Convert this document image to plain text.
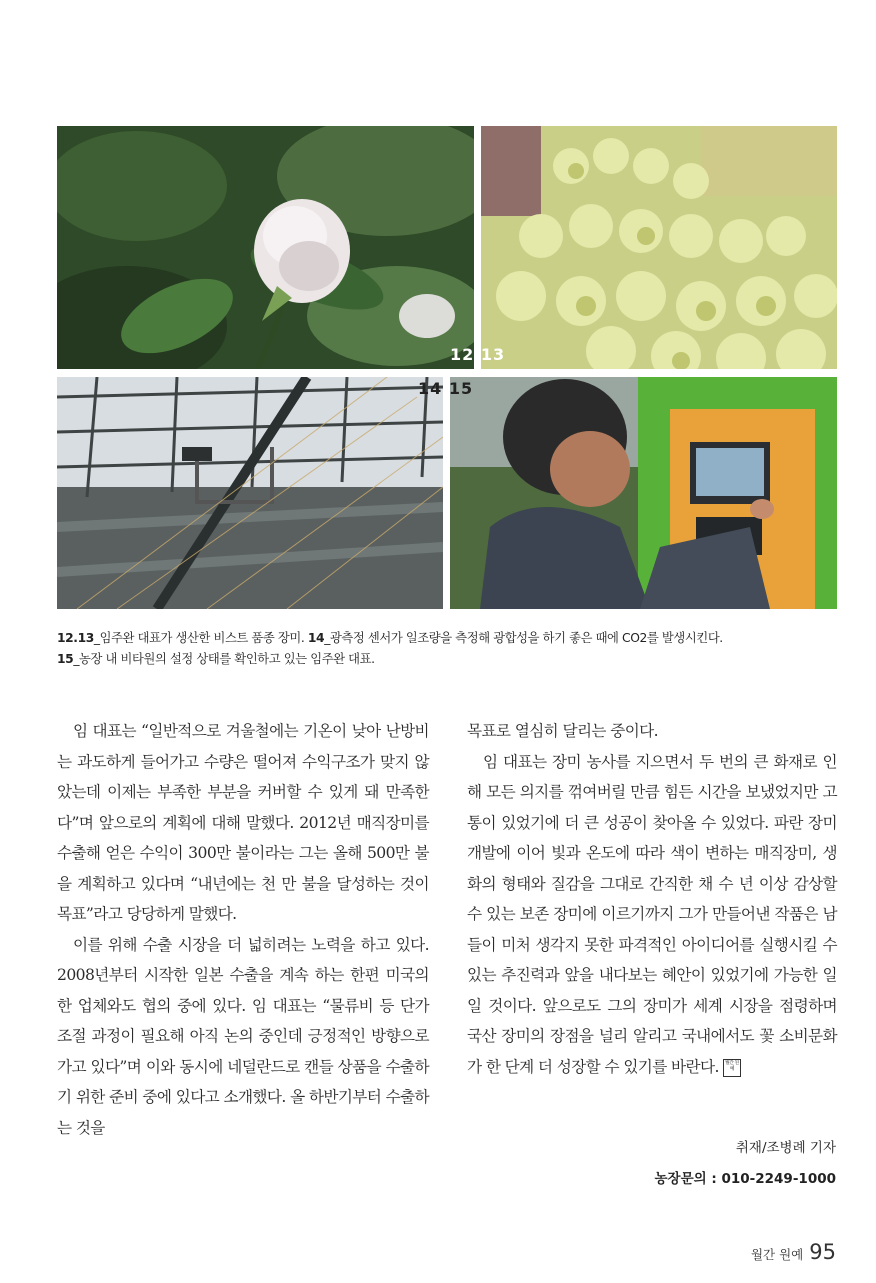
12 13
14 15
12.13_임주완 대표가 생산한 비스트 품종 장미. 14_광측정 센서가 일조량을 측정해 광합성을 하기 좋은 때에 CO2를 발생시킨다.
15_농장 내 비타원의 설정 상태를 확인하고 있는 임주완 대표.

임 대표는 “일반적으로 겨울철에는 기온이 낮아 난방비는 과도하게 들어가고 수량은 떨어져 수익구조가 맞지 않았는데 이제는 부족한 부분을 커버할 수 있게 돼 만족한다”며 앞으로의 계획에 대해 말했다. 2012년 매직장미를 수출해 얻은 수익이 300만 불이라는 그는 올해 500만 불을 계획하고 있다며 “내년에는 천 만 불을 달성하는 것이 목표”라고 당당하게 말했다.

이를 위해 수출 시장을 더 넓히려는 노력을 하고 있다. 2008년부터 시작한 일본 수출을 계속 하는 한편 미국의 한 업체와도 협의 중에 있다. 임 대표는 “물류비 등 단가 조절 과정이 필요해 아직 논의 중인데 긍정적인 방향으로 가고 있다”며 이와 동시에 네덜란드로 캔들 상품을 수출하기 위한 준비 중에 있다고 소개했다. 올 하반기부터 수출하는 것을

목표로 열심히 달리는 중이다.

임 대표는 장미 농사를 지으면서 두 번의 큰 화재로 인해 모든 의지를 꺾여버릴 만큼 힘든 시간을 보냈었지만 고통이 있었기에 더 큰 성공이 찾아올 수 있었다. 파란 장미 개발에 이어 빛과 온도에 따라 색이 변하는 매직장미, 생화의 형태와 질감을 그대로 간직한 채 수 년 이상 감상할 수 있는 보존 장미에 이르기까지 그가 만들어낸 작품은 남들이 미처 생각지 못한 파격적인 아이디어를 실행시킬 수 있는 추진력과 앞을 내다보는 혜안이 있었기에 가능한 일일 것이다. 앞으로도 그의 장미가 세계 시장을 점령하며 국산 장미의 장점을 널리 알리고 국내에서도 꽃 소비문화가 한 단계 더 성장할 수 있기를 바란다. 월간 원예

취재/조병례 기자
농장문의 : 010-2249-1000
월간 원예 95
